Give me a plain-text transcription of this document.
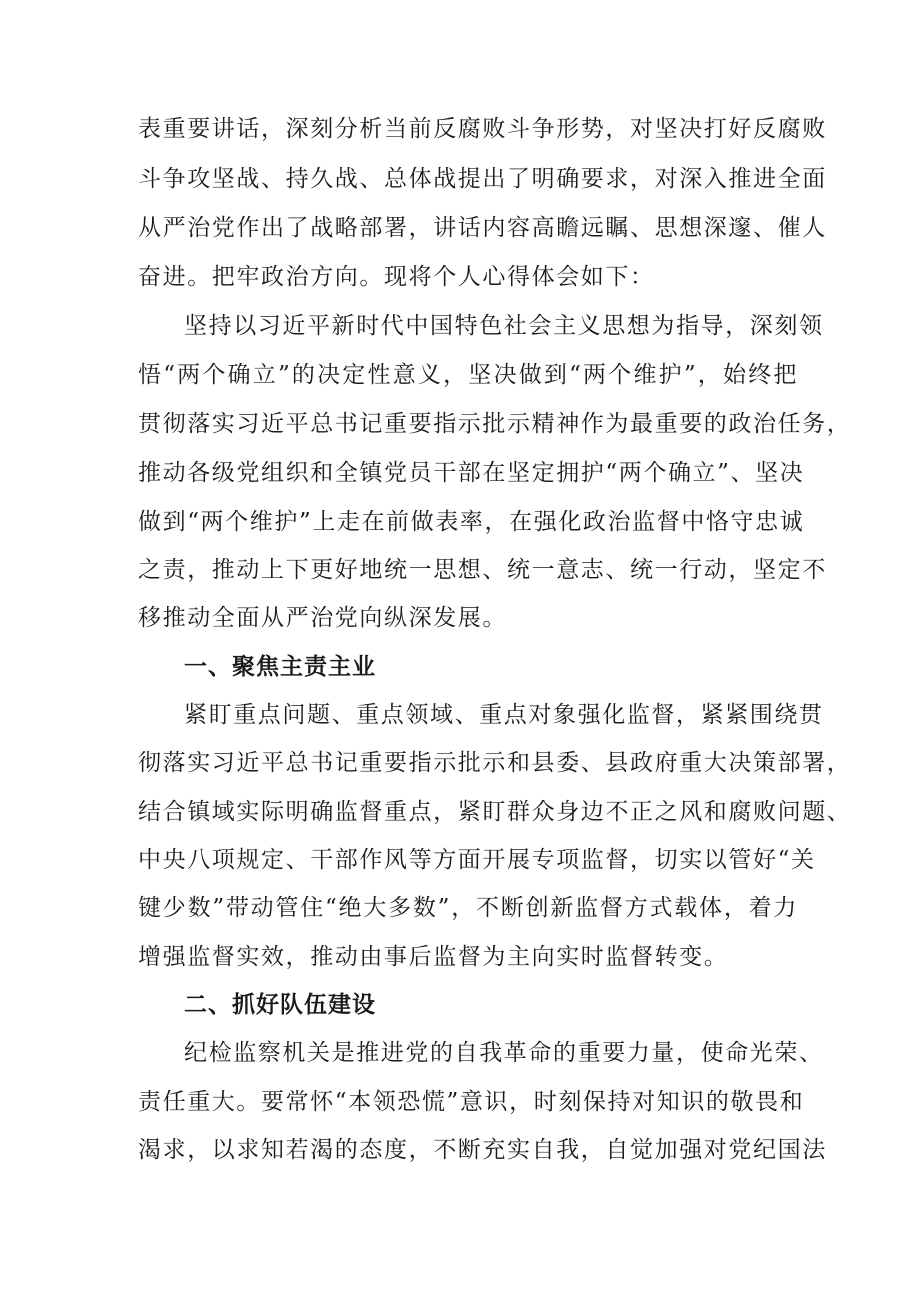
表重要讲话，深刻分析当前反腐败斗争形势，对坚决打好反腐败
斗争攻坚战、持久战、总体战提出了明确要求，对深入推进全面
从严治党作出了战略部署，讲话内容高瞻远瞩、思想深邃、催人
奋进。把牢政治方向。现将个人心得体会如下：
坚持以习近平新时代中国特色社会主义思想为指导，深刻领
悟“两个确立”的决定性意义，坚决做到“两个维护”，始终把
贯彻落实习近平总书记重要指示批示精神作为最重要的政治任务，
推动各级党组织和全镇党员干部在坚定拥护“两个确立”、坚决
做到“两个维护”上走在前做表率，在强化政治监督中恪守忠诚
之责，推动上下更好地统一思想、统一意志、统一行动，坚定不
移推动全面从严治党向纵深发展。
一、聚焦主责主业
紧盯重点问题、重点领域、重点对象强化监督，紧紧围绕贯
彻落实习近平总书记重要指示批示和县委、县政府重大决策部署，
结合镇域实际明确监督重点，紧盯群众身边不正之风和腐败问题、
中央八项规定、干部作风等方面开展专项监督，切实以管好“关
键少数”带动管住“绝大多数”，不断创新监督方式载体，着力
增强监督实效，推动由事后监督为主向实时监督转变。
二、抓好队伍建设
纪检监察机关是推进党的自我革命的重要力量，使命光荣、
责任重大。要常怀“本领恐慌”意识，时刻保持对知识的敬畏和
渴求，以求知若渴的态度，不断充实自我，自觉加强对党纪国法
